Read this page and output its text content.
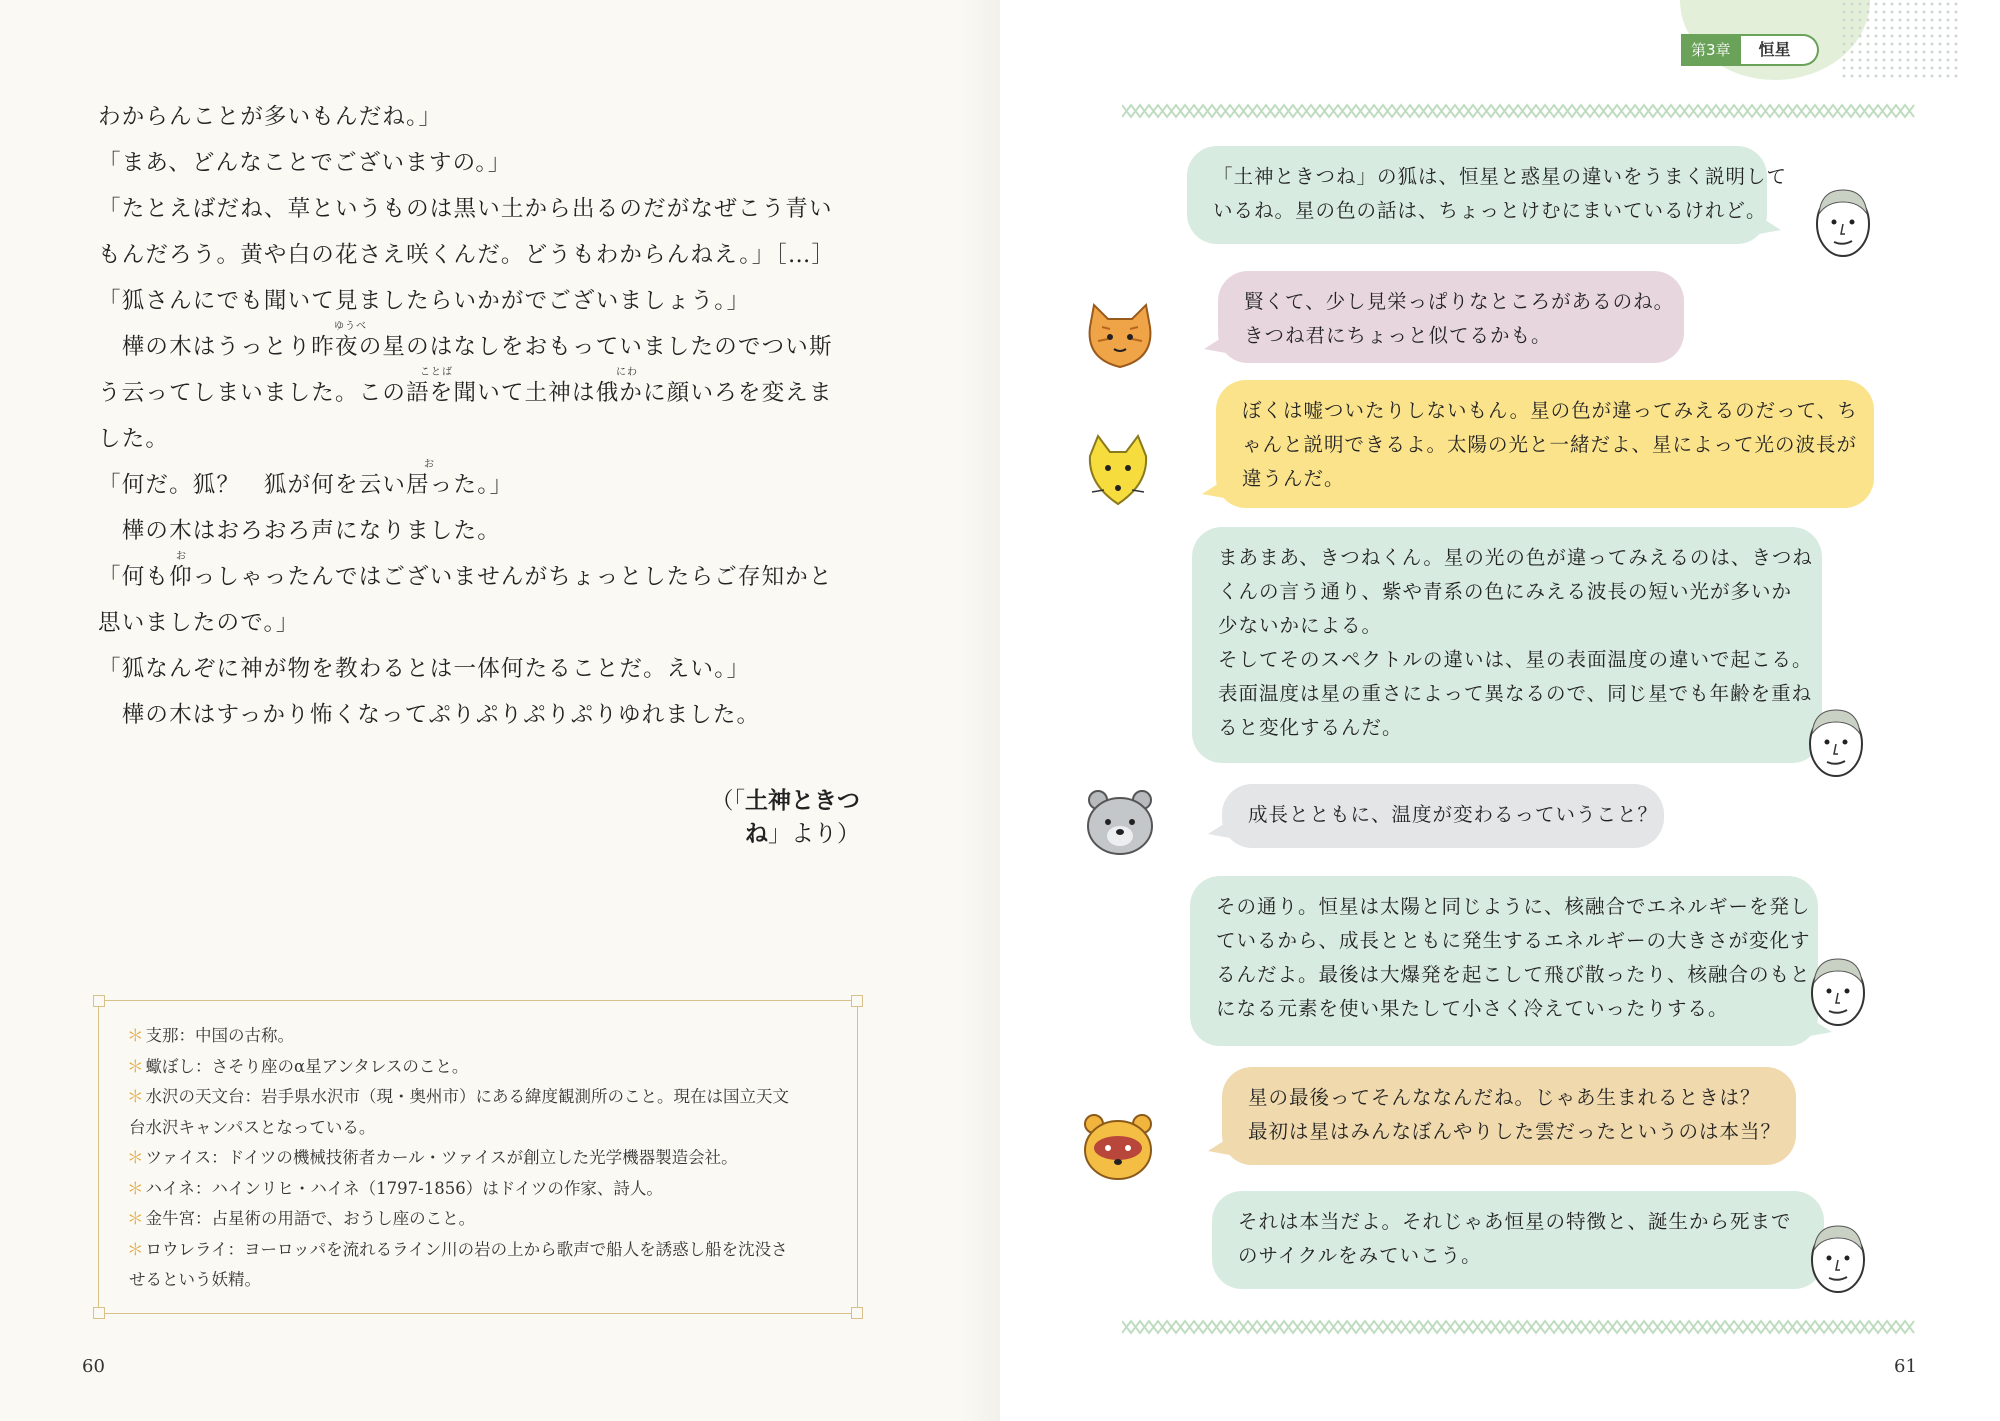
わからんことが多いもんだね。」
「まあ、どんなことでございますの。」
「たとえばだね、草というものは黒い土から出るのだがなぜこう青い
もんだろう。黄や白の花さえ咲くんだ。どうもわからんねえ。」［…］
「狐さんにでも聞いて見ましたらいかがでございましょう。」
ゆうべ
　樺の木はうっとり昨夜の星のはなしをおもっていましたのでつい斯
ことば	にわ
う云ってしまいました。この語を聞いて土神は俄かに顔いろを変えま
した。
お
「何だ。狐？　狐が何を云い居った。」
　樺の木はおろおろ声になりました。
お
「何も仰っしゃったんではございませんがちょっとしたらご存知かと
思いましたので。」
「狐なんぞに神が物を教わるとは一体何たることだ。えい。」
　樺の木はすっかり怖くなってぷりぷりぷりぷりゆれました。
（「土神ときつね」より）
＊ 支那：中国の古称。
＊ 蠍ぼし：さそり座のα星アンタレスのこと。
＊ 水沢の天文台：岩手県水沢市（現・奥州市）にある緯度観測所のこと。現在は国立天文
台水沢キャンパスとなっている。
＊ ツァイス：ドイツの機械技術者カール・ツァイスが創立した光学機器製造会社。
＊ ハイネ：ハインリヒ・ハイネ（1797-1856）はドイツの作家、詩人。
＊ 金牛宮：占星術の用語で、おうし座のこと。
＊ ロウレライ：ヨーロッパを流れるライン川の岩の上から歌声で船人を誘惑し船を沈没さ
せるという妖精。
60
第3章	恒星
「土神ときつね」の狐は、恒星と惑星の違いをうまく説明して
いるね。星の色の話は、ちょっとけむにまいているけれど。
賢くて、少し見栄っぱりなところがあるのね。
きつね君にちょっと似てるかも。
ぼくは嘘ついたりしないもん。星の色が違ってみえるのだって、ち
ゃんと説明できるよ。太陽の光と一緒だよ、星によって光の波長が
違うんだ。
まあまあ、きつねくん。星の光の色が違ってみえるのは、きつね
くんの言う通り、紫や青系の色にみえる波長の短い光が多いか
少ないかによる。
そしてそのスペクトルの違いは、星の表面温度の違いで起こる。
表面温度は星の重さによって異なるので、同じ星でも年齢を重ね
ると変化するんだ。
成長とともに、温度が変わるっていうこと？
その通り。恒星は太陽と同じように、核融合でエネルギーを発し
ているから、成長とともに発生するエネルギーの大きさが変化す
るんだよ。最後は大爆発を起こして飛び散ったり、核融合のもと
になる元素を使い果たして小さく冷えていったりする。
星の最後ってそんななんだね。じゃあ生まれるときは？
最初は星はみんなぼんやりした雲だったというのは本当？
それは本当だよ。それじゃあ恒星の特徴と、誕生から死まで
のサイクルをみていこう。
61
